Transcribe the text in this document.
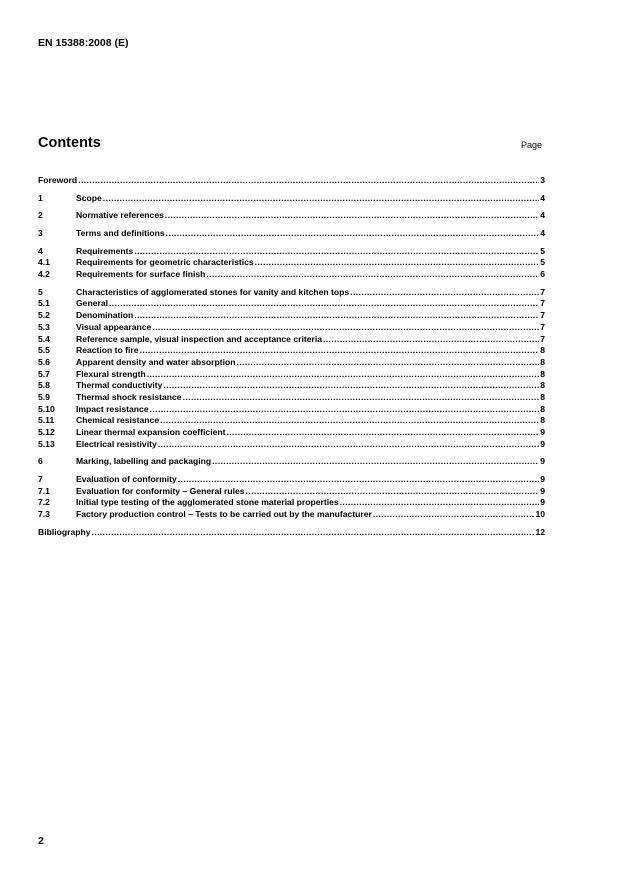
EN 15388:2008 (E)
Contents	Page
Foreword .....	3
1	Scope .....	4
2	Normative references .....	4
3	Terms and definitions .....	4
4	Requirements .....	5
4.1	Requirements for geometric characteristics .....	5
4.2	Requirements for surface finish .....	6
5	Characteristics of agglomerated stones for vanity and kitchen tops .....	7
5.1	General .....	7
5.2	Denomination .....	7
5.3	Visual appearance .....	7
5.4	Reference sample, visual inspection and acceptance criteria .....	7
5.5	Reaction to fire .....	8
5.6	Apparent density and water absorption .....	8
5.7	Flexural strength .....	8
5.8	Thermal conductivity .....	8
5.9	Thermal shock resistance .....	8
5.10	Impact resistance .....	8
5.11	Chemical resistance .....	8
5.12	Linear thermal expansion coefficient .....	9
5.13	Electrical resistivity .....	9
6	Marking, labelling and packaging .....	9
7	Evaluation of conformity .....	9
7.1	Evaluation for conformity – General rules .....	9
7.2	Initial type testing of the agglomerated stone material properties .....	9
7.3	Factory production control – Tests to be carried out by the manufacturer .....	10
Bibliography .....	12
2
